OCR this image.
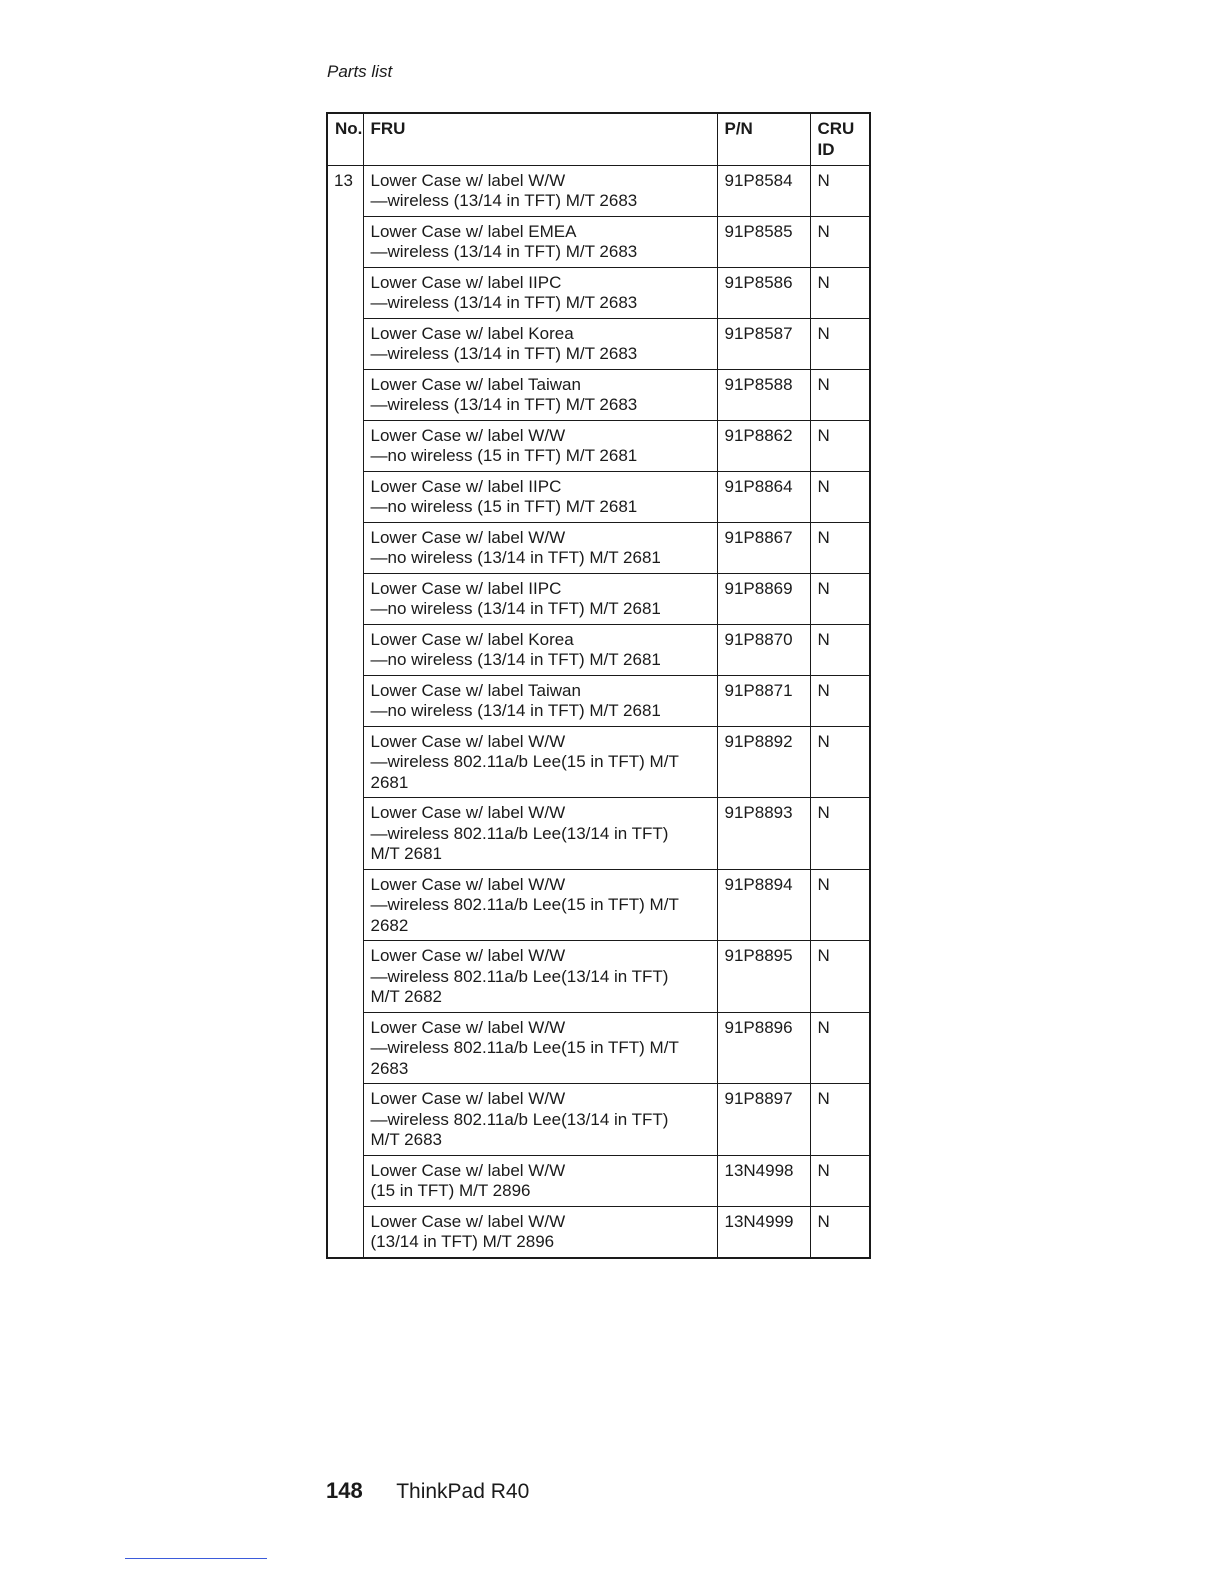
Parts list
No.	FRU	P/N	CRU ID

13	Lower Case w/ label W/W
—wireless (13/14 in TFT) M/T 2683	91P8584	N

	Lower Case w/ label EMEA
—wireless (13/14 in TFT) M/T 2683	91P8585	N

	Lower Case w/ label IIPC
—wireless (13/14 in TFT) M/T 2683	91P8586	N

	Lower Case w/ label Korea
—wireless (13/14 in TFT) M/T 2683	91P8587	N

	Lower Case w/ label Taiwan
—wireless (13/14 in TFT) M/T 2683	91P8588	N

	Lower Case w/ label W/W
—no wireless (15 in TFT) M/T 2681	91P8862	N

	Lower Case w/ label IIPC
—no wireless (15 in TFT) M/T 2681	91P8864	N

	Lower Case w/ label W/W
—no wireless (13/14 in TFT) M/T 2681	91P8867	N

	Lower Case w/ label IIPC
—no wireless (13/14 in TFT) M/T 2681	91P8869	N

	Lower Case w/ label Korea
—no wireless (13/14 in TFT) M/T 2681	91P8870	N

	Lower Case w/ label Taiwan
—no wireless (13/14 in TFT) M/T 2681	91P8871	N

	Lower Case w/ label W/W
—wireless 802.11a/b Lee(15 in TFT) M/T
2681	91P8892	N

	Lower Case w/ label W/W
—wireless 802.11a/b Lee(13/14 in TFT)
M/T 2681	91P8893	N

	Lower Case w/ label W/W
—wireless 802.11a/b Lee(15 in TFT) M/T
2682	91P8894	N

	Lower Case w/ label W/W
—wireless 802.11a/b Lee(13/14 in TFT)
M/T 2682	91P8895	N

	Lower Case w/ label W/W
—wireless 802.11a/b Lee(15 in TFT) M/T
2683	91P8896	N

	Lower Case w/ label W/W
—wireless 802.11a/b Lee(13/14 in TFT)
M/T 2683	91P8897	N

	Lower Case w/ label W/W
(15 in TFT) M/T 2896	13N4998	N

	Lower Case w/ label W/W
(13/14 in TFT) M/T 2896	13N4999	N
148 ThinkPad R40
